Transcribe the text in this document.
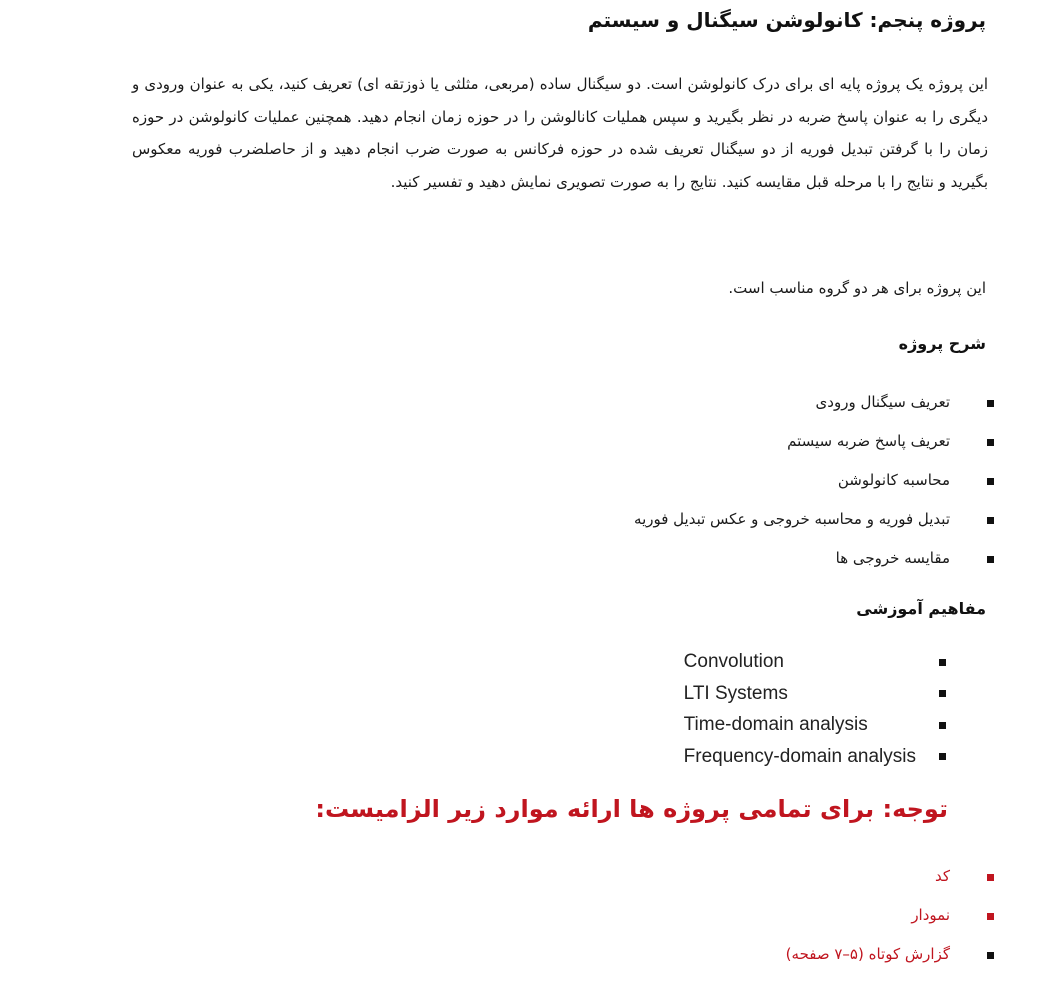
پروژه پنجم: کانولوشن سیگنال و سیستم
این پروژه یک پروژه پایه ای برای درک کانولوشن است. دو سیگنال ساده (مربعی، مثلثی یا ذوزتقه ای) تعریف کنید، یکی به عنوان ورودی و دیگری را به عنوان پاسخ ضربه در نظر بگیرید و سپس هملیات کانالوشن را در حوزه زمان انجام دهید. همچنین عملیات کانولوشن در حوزه زمان را با گرفتن تبدیل فوریه از دو سیگنال تعریف شده در حوزه فرکانس به صورت ضرب انجام دهید و از حاصلضرب فوریه معکوس بگیرید و نتایج را با مرحله قبل مقایسه کنید. نتایج را به صورت تصویری نمایش دهید و تفسیر کنید.
این پروژه برای هر دو گروه مناسب است.
شرح پروژه
تعریف سیگنال ورودی
تعریف پاسخ ضربه سیستم
محاسبه کانولوشن
تبدیل فوریه و محاسبه خروجی و عکس تبدیل فوریه
مقایسه خروجی ها
مفاهیم آموزشی
Convolution
LTI Systems
Time-domain analysis
Frequency-domain analysis
توجه: برای تمامی پروژه ها ارائه موارد زیر الزامیست:
کد
نمودار
گزارش کوتاه (۵–۷ صفحه)
